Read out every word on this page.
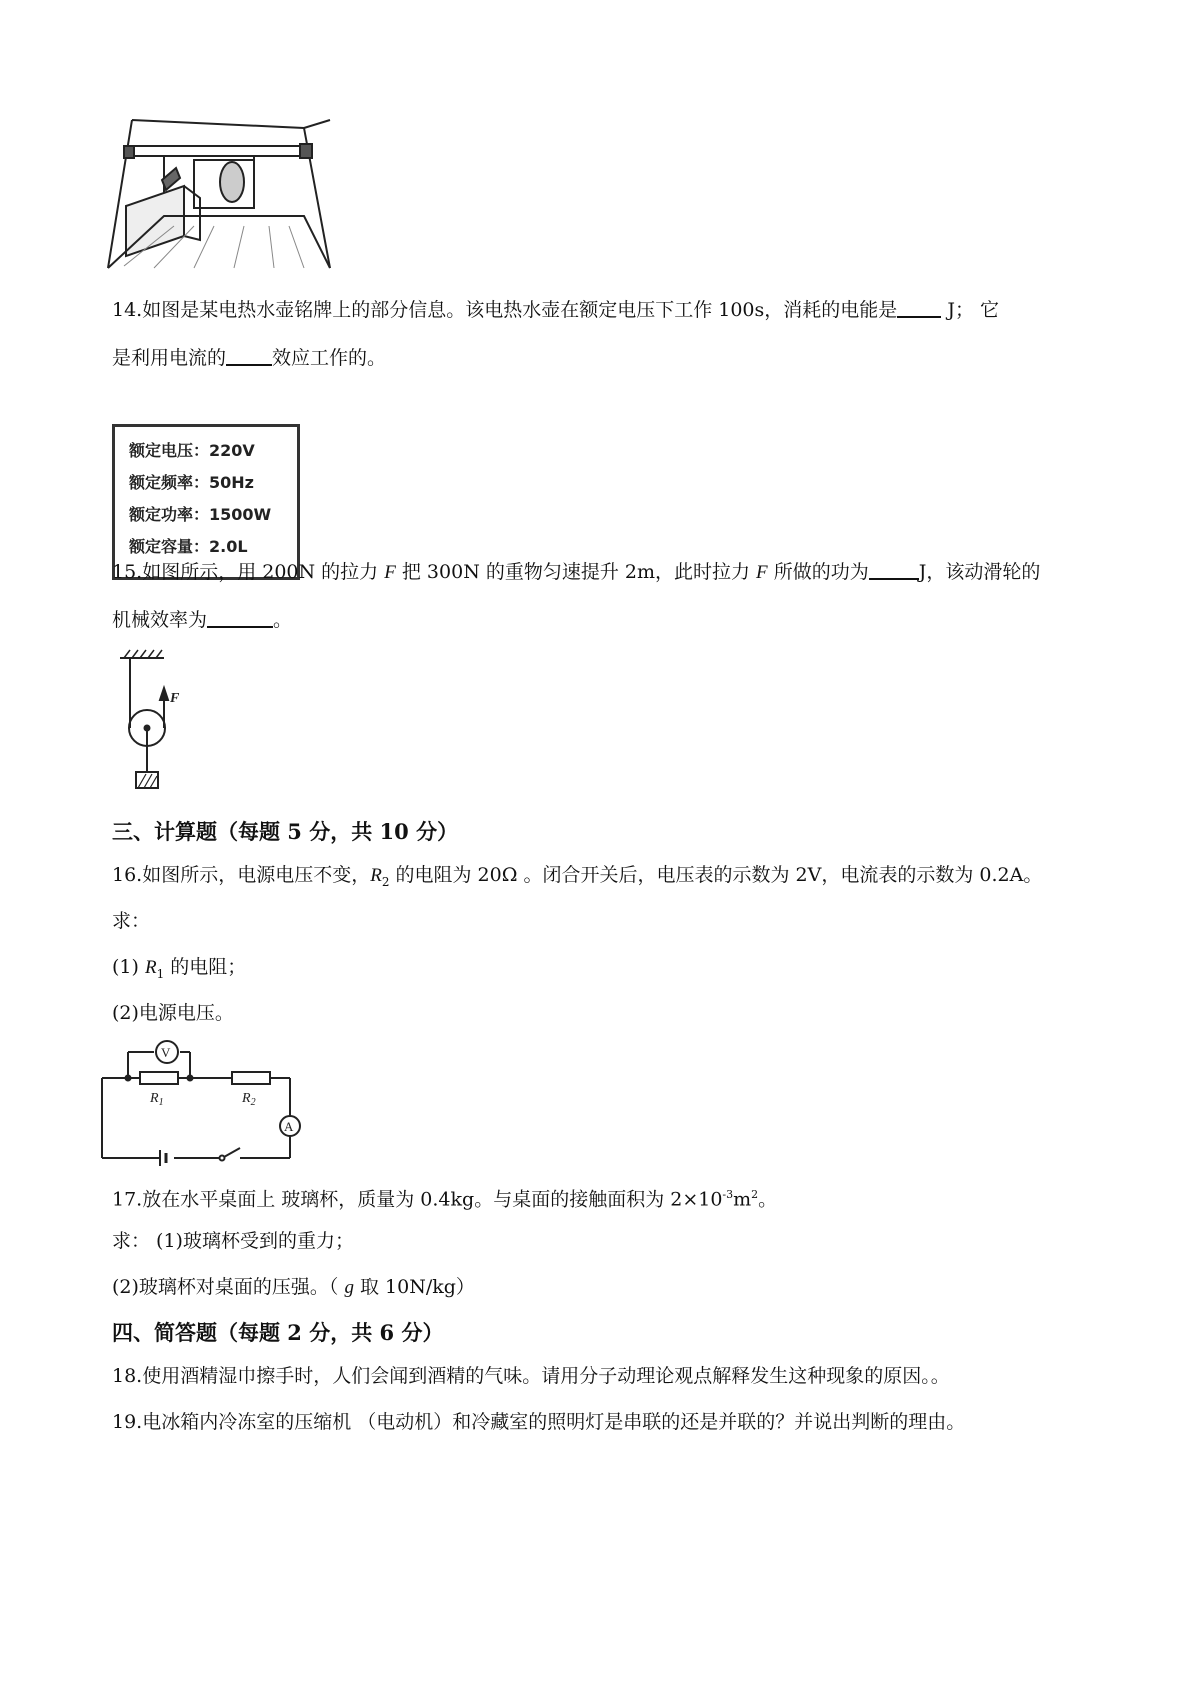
14.如图是某电热水壶铭牌上的部分信息。该电热水壶在额定电压下工作 100s，消耗的电能是	J； 它
是利用电流的 效应工作的。
额定电压：220V
额定频率：50Hz
额定功率：1500W
额定容量：2.0L
15.如图所示，用 200N 的拉力 F 把 300N 的重物匀速提升 2m，此时拉力 F 所做的功为	J，该动滑轮的
机械效率为	。
F
三、计算题（每题 5 分，共 10 分）
16.如图所示，电源电压不变，$R_2$ 的电阻为 20Ω 。闭合开关后，电压表的示数为 2V，电流表的示数为 0.2A。
求：
(1) $R_1$ 的电阻；
(2)电源电压。
V
A
$R_1$	$R_2$
17.放在水平桌面上 玻璃杯，质量为 0.4kg。与桌面的接触面积为 $2\times 10^{-3}m^2$。
求： (1)玻璃杯受到的重力；
(2)玻璃杯对桌面的压强。（ g 取 10N/kg）
四、简答题（每题 2 分，共 6 分）
18.使用酒精湿巾擦手时，人们会闻到酒精的气味。请用分子动理论观点解释发生这种现象的原因。。
19.电冰箱内冷冻室的压缩机 （电动机）和冷藏室的照明灯是串联的还是并联的？并说出判断的理由。
